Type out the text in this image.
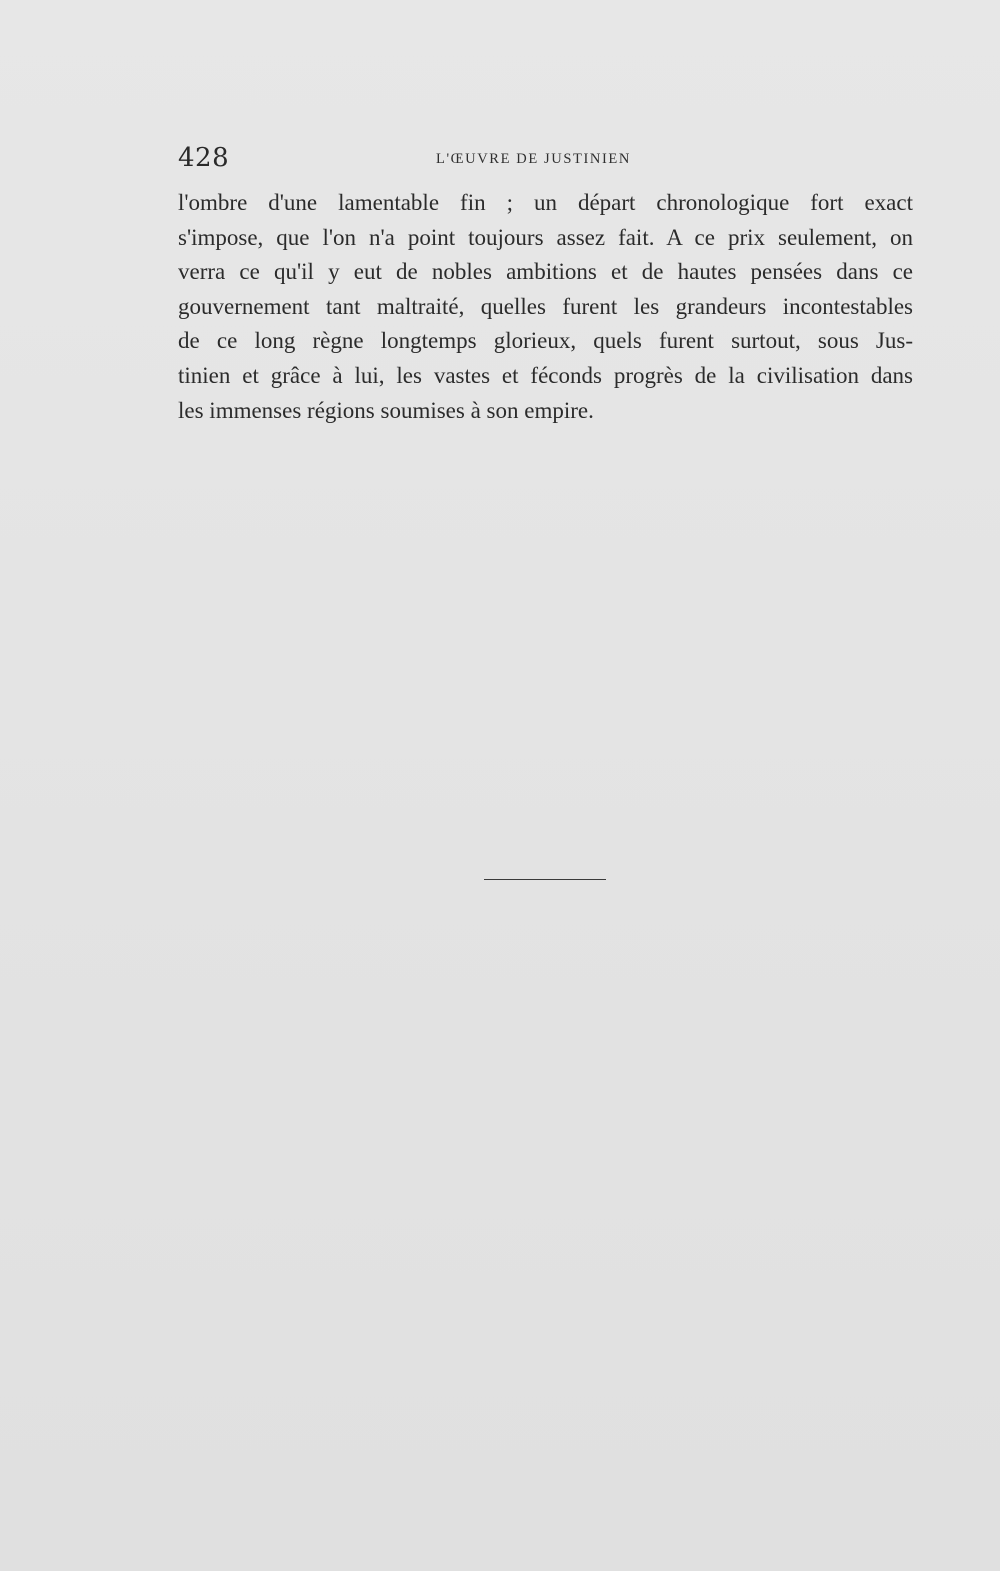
428	L'ŒUVRE DE JUSTINIEN
l'ombre d'une lamentable fin ; un départ chronologique fort exact
s'impose, que l'on n'a point toujours assez fait. A ce prix seulement, on
verra ce qu'il y eut de nobles ambitions et de hautes pensées dans ce
gouvernement tant maltraité, quelles furent les grandeurs incontestables
de ce long règne longtemps glorieux, quels furent surtout, sous Jus-
tinien et grâce à lui, les vastes et féconds progrès de la civilisation dans
les immenses régions soumises à son empire.
